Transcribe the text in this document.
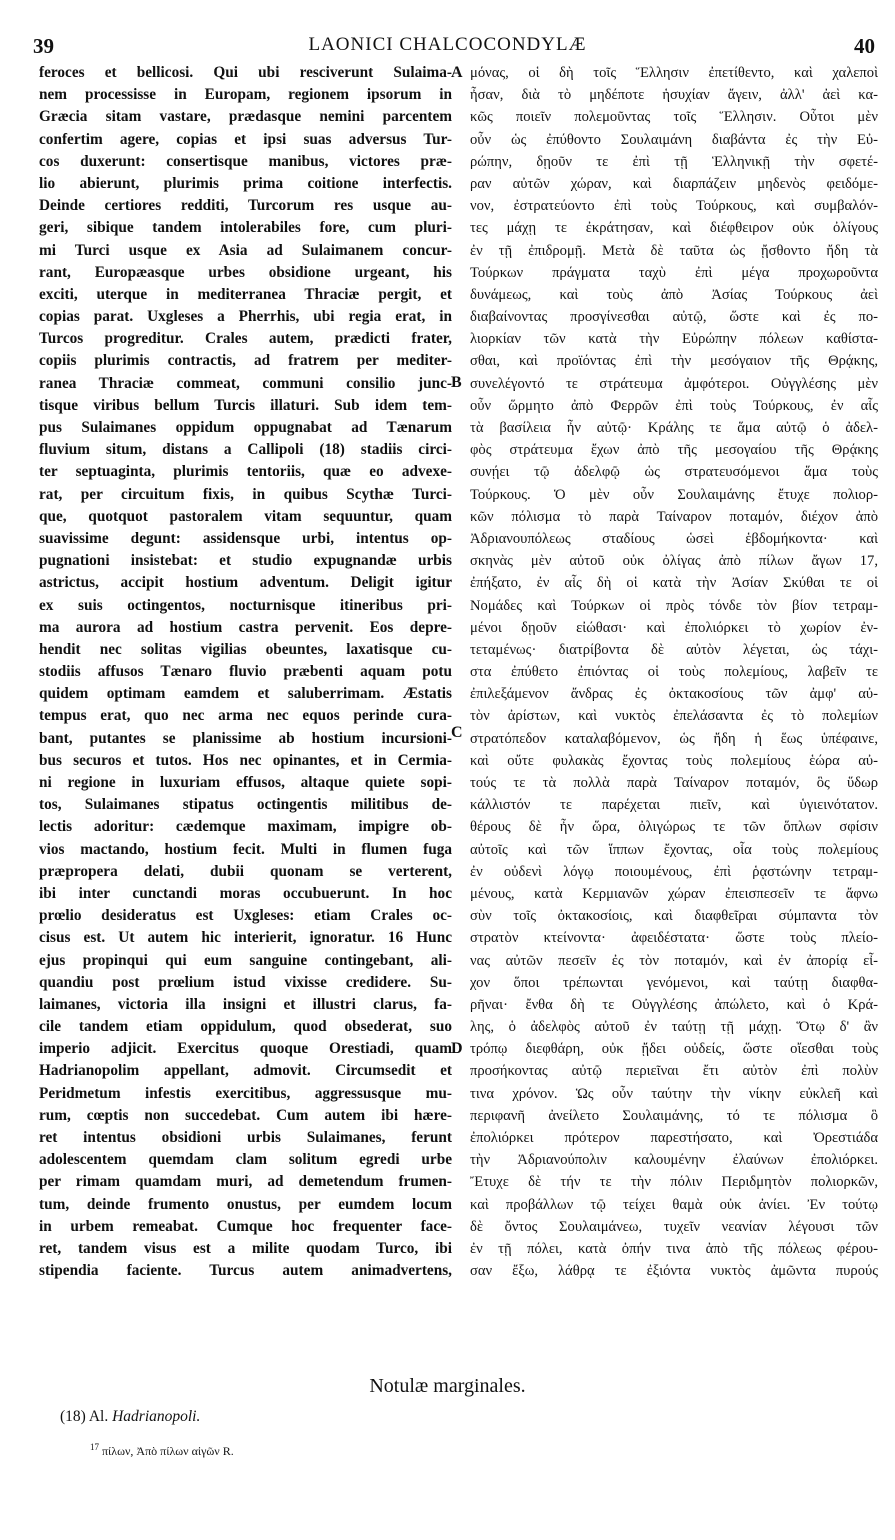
39	LAONICI CHALCOCONDYLÆ	40
feroces et bellicosi. Qui ubi resciverunt Sulaima-
nem processisse in Europam, regionem ipsorum in
Græcia sitam vastare, prædasque nemini parcentem
confertim agere, copias et ipsi suas adversus Tur-
cos duxerunt: consertisque manibus, victores præ-
lio abierunt, plurimis prima coitione interfectis.
Deinde certiores redditi, Turcorum res usque au-
geri, sibique tandem intolerabiles fore, cum pluri-
mi Turci usque ex Asia ad Sulaimanem concur-
rant, Europæasque urbes obsidione urgeant, his
exciti, uterque in mediterranea Thraciæ pergit, et
copias parat. Uxgleses a Pherrhis, ubi regia erat, in
Turcos progreditur. Crales autem, prædicti frater,
copiis plurimis contractis, ad fratrem per mediter-
ranea Thraciæ commeat, communi consilio junc-
tisque viribus bellum Turcis illaturi. Sub idem tem-
pus Sulaimanes oppidum oppugnabat ad Tænarum
fluvium situm, distans a Callipoli (18) stadiis circi-
ter septuaginta, plurimis tentoriis, quæ eo advexe-
rat, per circuitum fixis, in quibus Scythæ Turci-
que, quotquot pastoralem vitam sequuntur, quam
suavissime degunt: assidensque urbi, intentus op-
pugnationi insistebat: et studio expugnandæ urbis
astrictus, accipit hostium adventum. Deligit igitur
ex suis octingentos, nocturnisque itineribus pri-
ma aurora ad hostium castra pervenit. Eos depre-
hendit nec solitas vigilias obeuntes, laxatisque cu-
stodiis affusos Tænaro fluvio præbenti aquam potu
quidem optimam eamdem et saluberrimam. Æstatis
tempus erat, quo nec arma nec equos perinde cura-
bant, putantes se planissime ab hostium incursioni-
bus securos et tutos. Hos nec opinantes, et in Cermia-
ni regione in luxuriam effusos, altaque quiete sopi-
tos, Sulaimanes stipatus octingentis militibus de-
lectis adoritur: cædemque maximam, impigre ob-
vios mactando, hostium fecit. Multi in flumen fuga
præpropera delati, dubii quonam se verterent,
ibi inter cunctandi moras occubuerunt. In hoc
prœlio desideratus est Uxgleses: etiam Crales oc-
cisus est. Ut autem hic interierit, ignoratur. 16 Hunc
ejus propinqui qui eum sanguine contingebant, ali-
quandiu post prœlium istud vixisse credidere. Su-
laimanes, victoria illa insigni et illustri clarus, fa-
cile tandem etiam oppidulum, quod obsederat, suo
imperio adjicit. Exercitus quoque Orestiadi, quam
Hadrianopolim appellant, admovit. Circumsedit et
Peridmetum infestis exercitibus, aggressusque mu-
rum, cœptis non succedebat. Cum autem ibi hære-
ret intentus obsidioni urbis Sulaimanes, ferunt
adolescentem quemdam clam solitum egredi urbe
per rimam quamdam muri, ad demetendum frumen-
tum, deinde frumento onustus, per eumdem locum
in urbem remeabat. Cumque hoc frequenter face-
ret, tandem visus est a milite quodam Turco, ibi
stipendia faciente. Turcus autem animadvertens,
μόνας, οἱ δὴ τοῖς Ἕλλησιν ἐπετίθεντο, καὶ χαλεποὶ
ἦσαν, διὰ τὸ μηδέποτε ἡσυχίαν ἄγειν, ἀλλ' ἀεὶ κα-
κῶς ποιεῖν πολεμοῦντας τοῖς Ἕλλησιν. Οὗτοι μὲν
οὖν ὡς ἐπύθοντο Σουλαιμάνη διαβάντα ἐς τὴν Εὐ-
ρώπην, δῃοῦν τε ἐπὶ τῇ Ἑλληνικῇ τὴν σφετέ-
ραν αὐτῶν χώραν, καὶ διαρπάζειν μηδενὸς φειδόμε-
νον, ἐστρατεύοντο ἐπὶ τοὺς Τούρκους, καὶ συμβαλόν-
τες μάχῃ τε ἐκράτησαν, καὶ διέφθειρον οὐκ ὀλίγους
ἐν τῇ ἐπιδρομῇ. Μετὰ δὲ ταῦτα ὡς ᾔσθοντο ἤδη τὰ
Τούρκων πράγματα ταχὺ ἐπὶ μέγα προχωροῦντα
δυνάμεως, καὶ τοὺς ἀπὸ Ἀσίας Τούρκους ἀεὶ
διαβαίνοντας προσγίνεσθαι αὐτῷ, ὥστε καὶ ἐς πο-
λιορκίαν τῶν κατὰ τὴν Εὐρώπην πόλεων καθίστα-
σθαι, καὶ προϊόντας ἐπὶ τὴν μεσόγαιον τῆς Θρᾴκης,
συνελέγοντό τε στράτευμα ἀμφότεροι. Οὐγγλέσης μὲν
οὖν ὥρμητο ἀπὸ Φερρῶν ἐπὶ τοὺς Τούρκους, ἐν αἷς
τὰ βασίλεια ἦν αὐτῷ· Κράλης τε ἅμα αὐτῷ ὁ ἀδελ-
φὸς στράτευμα ἔχων ἀπὸ τῆς μεσογαίου τῆς Θρᾴκης
συνῄει τῷ ἀδελφῷ ὡς στρατευσόμενοι ἅμα τοὺς
Τούρκους. Ὁ μὲν οὖν Σουλαιμάνης ἔτυχε πολιορ-
κῶν πόλισμα τὸ παρὰ Ταίναρον ποταμόν, διέχον ἀπὸ
Ἀδριανουπόλεως σταδίους ὡσεὶ ἑβδομήκοντα· καὶ
σκηνὰς μὲν αὐτοῦ οὐκ ὀλίγας ἀπὸ πίλων ἄγων 17,
ἐπήξατο, ἐν αἷς δὴ οἱ κατὰ τὴν Ἀσίαν Σκύθαι τε οἱ
Νομάδες καὶ Τούρκων οἱ πρὸς τόνδε τὸν βίον τετραμ-
μένοι δῃοῦν εἰώθασι· καὶ ἐπολιόρκει τὸ χωρίον ἐν-
τεταμένως· διατρίβοντα δὲ αὐτὸν λέγεται, ὡς τάχι-
στα ἐπύθετο ἐπιόντας οἱ τοὺς πολεμίους, λαβεῖν τε
ἐπιλεξάμενον ἄνδρας ἐς ὀκτακοσίους τῶν ἀμφ' αὐ-
τὸν ἀρίστων, καὶ νυκτὸς ἐπελάσαντα ἐς τὸ πολεμίων
στρατόπεδον καταλαβόμενον, ὡς ἤδη ἡ ἕως ὑπέφαινε,
καὶ οὔτε φυλακὰς ἔχοντας τοὺς πολεμίους ἑώρα αὐ-
τούς τε τὰ πολλὰ παρὰ Ταίναρον ποταμόν, ὃς ὕδωρ
κάλλιστόν τε παρέχεται πιεῖν, καὶ ὑγιεινότατον.
θέρους δὲ ἦν ὥρα, ὀλιγώρως τε τῶν ὅπλων σφίσιν
αὐτοῖς καὶ τῶν ἵππων ἔχοντας, οἷα τοὺς πολεμίους
ἐν οὐδενὶ λόγῳ ποιουμένους, ἐπὶ ῥᾳστώνην τετραμ-
μένους, κατὰ Κερμιανῶν χώραν ἐπεισπεσεῖν τε ἄφνω
σὺν τοῖς ὀκτακοσίοις, καὶ διαφθεῖραι σύμπαντα τὸν
στρατὸν κτείνοντα· ἀφειδέστατα· ὥστε τοὺς πλείο-
νας αὐτῶν πεσεῖν ἐς τὸν ποταμόν, καὶ ἐν ἀπορίᾳ εἶ-
χον ὅποι τρέπωνται γενόμενοι, καὶ ταύτῃ διαφθα-
ρῆναι· ἔνθα δὴ τε Οὐγγλέσης ἀπώλετο, καὶ ὁ Κρά-
λης, ὁ ἀδελφὸς αὐτοῦ ἐν ταύτῃ τῇ μάχῃ. Ὅτῳ δ' ἂν
τρόπῳ διεφθάρη, οὐκ ᾔδει οὐδείς, ὥστε οἴεσθαι τοὺς
προσήκοντας αὐτῷ περιεῖναι ἔτι αὐτὸν ἐπὶ πολὺν
τινα χρόνον. Ὡς οὖν ταύτην τὴν νίκην εὐκλεῆ καὶ
περιφανῆ ἀνείλετο Σουλαιμάνης, τό τε πόλισμα ὃ
ἐπολιόρκει πρότερον παρεστήσατο, καὶ Ὀρεστιάδα
τὴν Ἀδριανούπολιν καλουμένην ἐλαύνων ἐπολιόρκει.
Ἔτυχε δὲ τήν τε τὴν πόλιν Περιδμητὸν πολιορκῶν,
καὶ προβάλλων τῷ τείχει θαμὰ οὐκ ἀνίει. Ἐν τούτῳ
δὲ ὄντος Σουλαιμάνεω, τυχεῖν νεανίαν λέγουσι τῶν
ἐν τῇ πόλει, κατὰ ὀπήν τινα ἀπὸ τῆς πόλεως φέρου-
σαν ἔξω, λάθρᾳ τε ἐξιόντα νυκτὸς ἀμῶντα πυρούς
A
B
C
D
Notulæ marginales.
(18) Al. Hadrianopoli.
$^{17}$ πίλων, Ἀπὸ πίλων αἰγῶν R.
